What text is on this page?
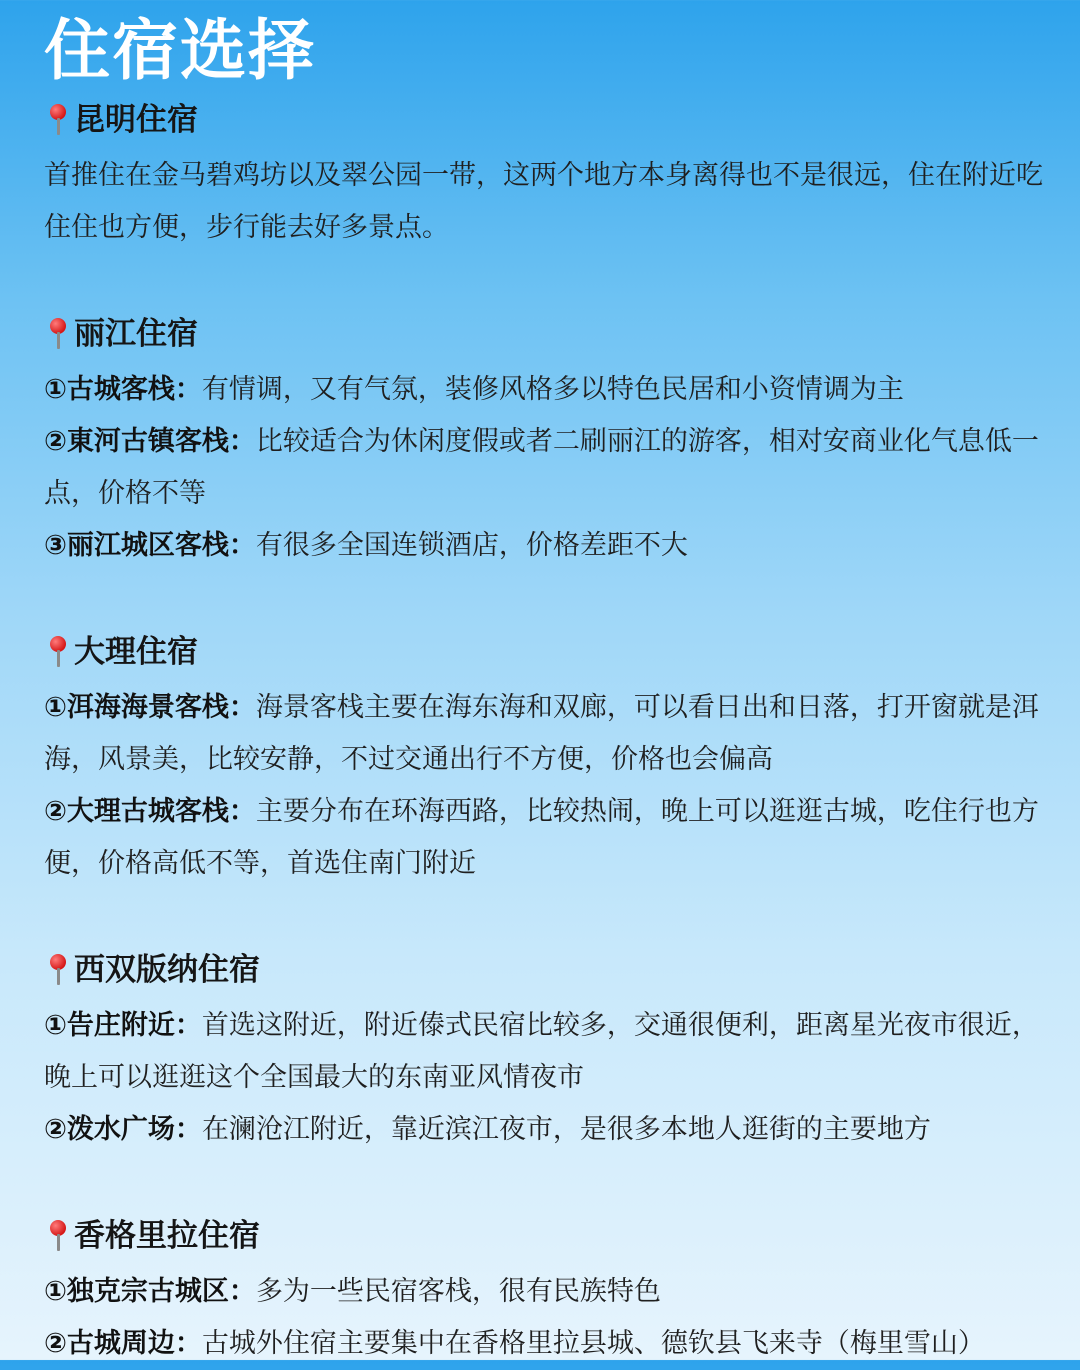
住宿选择
昆明住宿

首推住在金马碧鸡坊以及翠公园一带，这两个地方本身离得也不是很远，住在附近吃住住也方便，步行能去好多景点。

丽江住宿

①古城客栈：有情调，又有气氛，装修风格多以特色民居和小资情调为主

②東河古镇客栈：比较适合为休闲度假或者二刷丽江的游客，相对安商业化气息低一点，价格不等

③丽江城区客栈：有很多全国连锁酒店，价格差距不大

大理住宿

①洱海海景客栈：海景客栈主要在海东海和双廊，可以看日出和日落，打开窗就是洱海，风景美，比较安静，不过交通出行不方便，价格也会偏高

②大理古城客栈：主要分布在环海西路，比较热闹，晚上可以逛逛古城，吃住行也方便，价格高低不等，首选住南门附近

西双版纳住宿

①告庄附近：首选这附近，附近傣式民宿比较多，交通很便利，距离星光夜市很近，晚上可以逛逛这个全国最大的东南亚风情夜市

②泼水广场：在澜沧江附近，靠近滨江夜市，是很多本地人逛街的主要地方

香格里拉住宿

①独克宗古城区：多为一些民宿客栈，很有民族特色

②古城周边：古城外住宿主要集中在香格里拉县城、德钦县飞来寺（梅里雪山）
